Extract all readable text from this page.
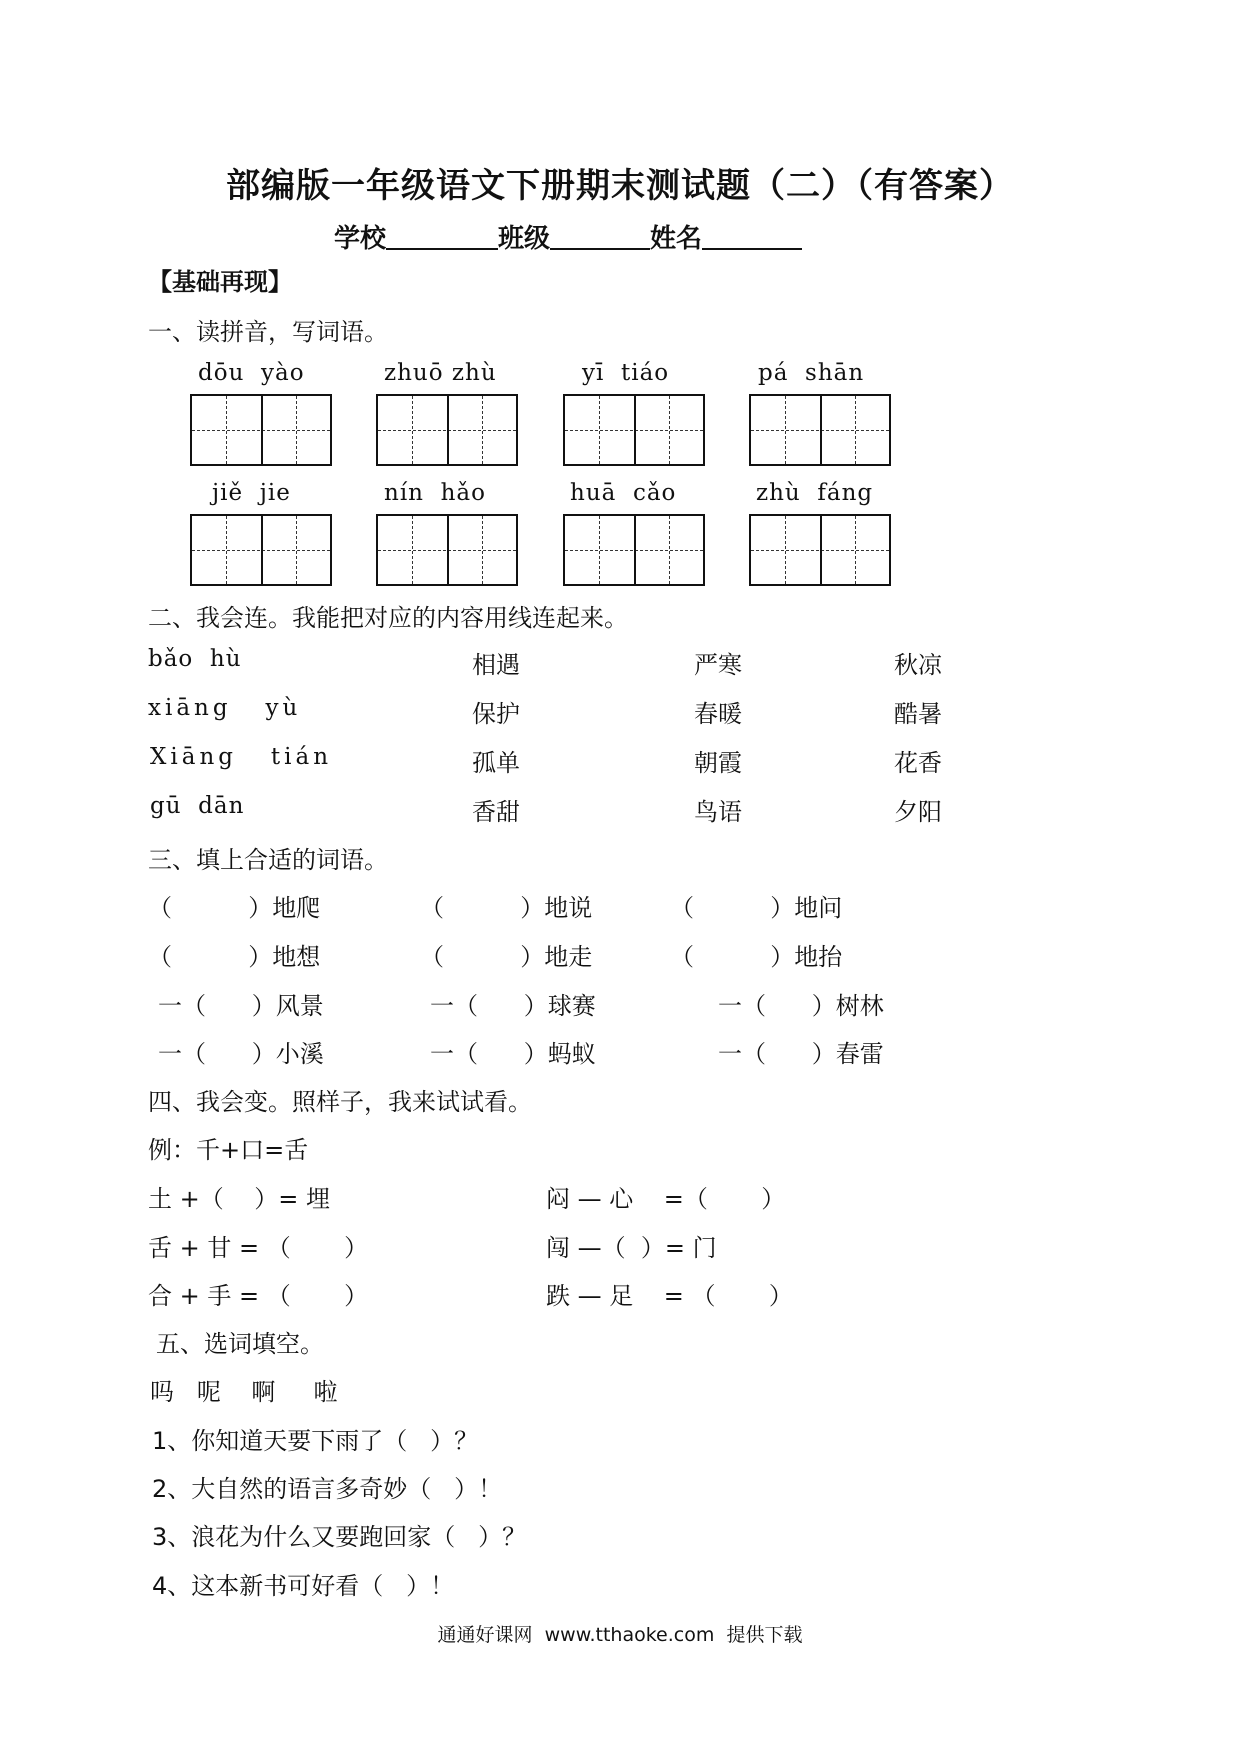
部编版一年级语文下册期末测试题（二）（有答案）
学校	班级	姓名
【基础再现】
一、读拼音，写词语。
dōu  yào	zhuō zhù	yī  tiáo	pá  shān
jiě  jie	nín  hǎo	huā  cǎo	zhù  fáng
二、我会连。我能把对应的内容用线连起来。
bǎo  hù	相遇	严寒	秋凉
xiāng   yù	保护	春暖	酷暑
Xiāng   tián	孤单	朝霞	花香
gū  dān	香甜	鸟语	夕阳
三、填上合适的词语。
（          ）地爬	（          ）地说	（          ）地问
（          ）地想	（          ）地走	（          ）地抬
一（      ）风景	一（      ）球赛	一（      ）树林
一（      ）小溪	一（      ）蚂蚁	一（      ）春雷
四、我会变。照样子，我来试试看。
例：千+口=舌
土 +（    ）= 埋	闷 — 心    =（       ）
舌 + 甘 = （       ）	闯 —（  ）= 门
合 + 手 = （       ）	跌 — 足    = （       ）
五、选词填空。
吗   呢    啊     啦
1、你知道天要下雨了（   ）？
2、大自然的语言多奇妙（   ）！
3、浪花为什么又要跑回家（   ）？
4、这本新书可好看（   ）！
通通好课网  www.tthaoke.com  提供下载
